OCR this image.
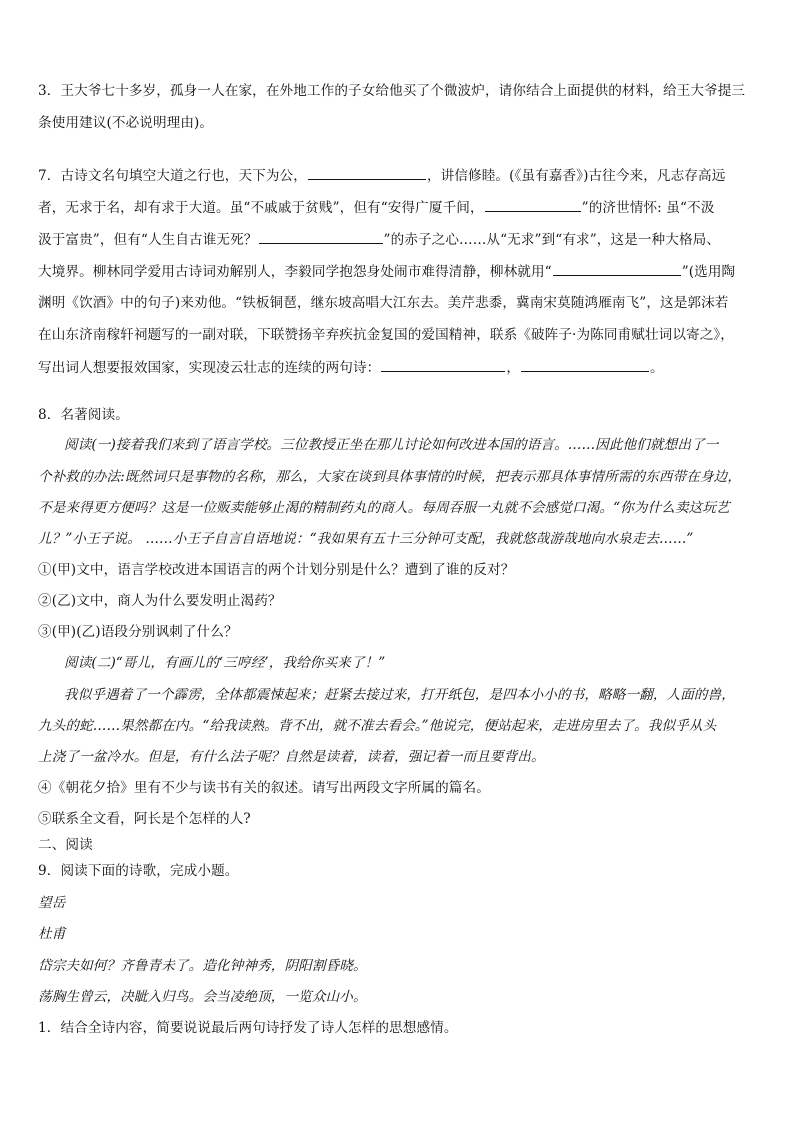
3．王大爷七十多岁，孤身一人在家，在外地工作的子女给他买了个微波炉，请你结合上面提供的材料，给王大爷提三
条使用建议(不必说明理由)。
7．古诗文名句填空大道之行也，天下为公，	，讲信修睦。(《虽有嘉香》)古往今来，凡志存高远
者，无求于名，却有求于大道。虽“不戚戚于贫贱”，但有“安得广厦千间，	”的济世情怀: 虽“不汲
汲于富贵”，但有“人生自古谁无死？	”的赤子之心……从“无求”到“有求”，这是一种大格局、
大境界。柳林同学爱用古诗词劝解别人，李毅同学抱怨身处闹市难得清静，柳林就用“	”(选用陶
渊明《饮酒》中的句子)来劝他。“铁板铜琶，继东坡高唱大江东去。美芹悲黍，冀南宋莫随鸿雁南飞”，这是郭沫若
在山东济南稼轩祠题写的一副对联，下联赞扬辛弃疾抗金复国的爱国精神，联系《破阵子·为陈同甫赋壮词以寄之》，
写出词人想要报效国家，实现凌云壮志的连续的两句诗：	，	。
8．名著阅读。
阅读(一)接着我们来到了语言学校。三位教授正坐在那儿讨论如何改进本国的语言。……因此他们就想出了一
个补救的办法:既然词只是事物的名称，那么，大家在谈到具体事情的时候，把表示那具体事情所需的东西带在身边，
不是来得更方便吗？这是一位贩卖能够止渴的精制药丸的商人。每周吞服一丸就不会感觉口渴。“你为什么卖这玩艺
儿？”小王子说。 ……小王子自言自语地说：“我如果有五十三分钟可支配，我就悠哉游哉地向水泉走去……”
①(甲)文中，语言学校改进本国语言的两个计划分别是什么？遭到了谁的反对？
②(乙)文中，商人为什么要发明止渴药？
③(甲)(乙)语段分别讽刺了什么？
阅读(二)“哥儿，有画儿的‘三哼经’，我给你买来了！”
我似乎遇着了一个霹雳，全体都震悚起来；赶紧去接过来，打开纸包，是四本小小的书，略略一翻，人面的兽，
九头的蛇……果然都在内。“给我读熟。背不出，就不准去看会。”他说完，便站起来，走进房里去了。我似乎从头
上浇了一盆冷水。但是，有什么法子呢？自然是读着，读着，强记着一而且要背出。
④《朝花夕拾》里有不少与读书有关的叙述。请写出两段文字所属的篇名。
⑤联系全文看，阿长是个怎样的人?
二、阅读
9．阅读下面的诗歌，完成小题。
望岳
杜甫
岱宗夫如何？齐鲁青未了。造化钟神秀，阴阳割昏晓。
荡胸生曾云，决眦入归鸟。会当凌绝顶，一览众山小。
1．结合全诗内容，简要说说最后两句诗抒发了诗人怎样的思想感情。
